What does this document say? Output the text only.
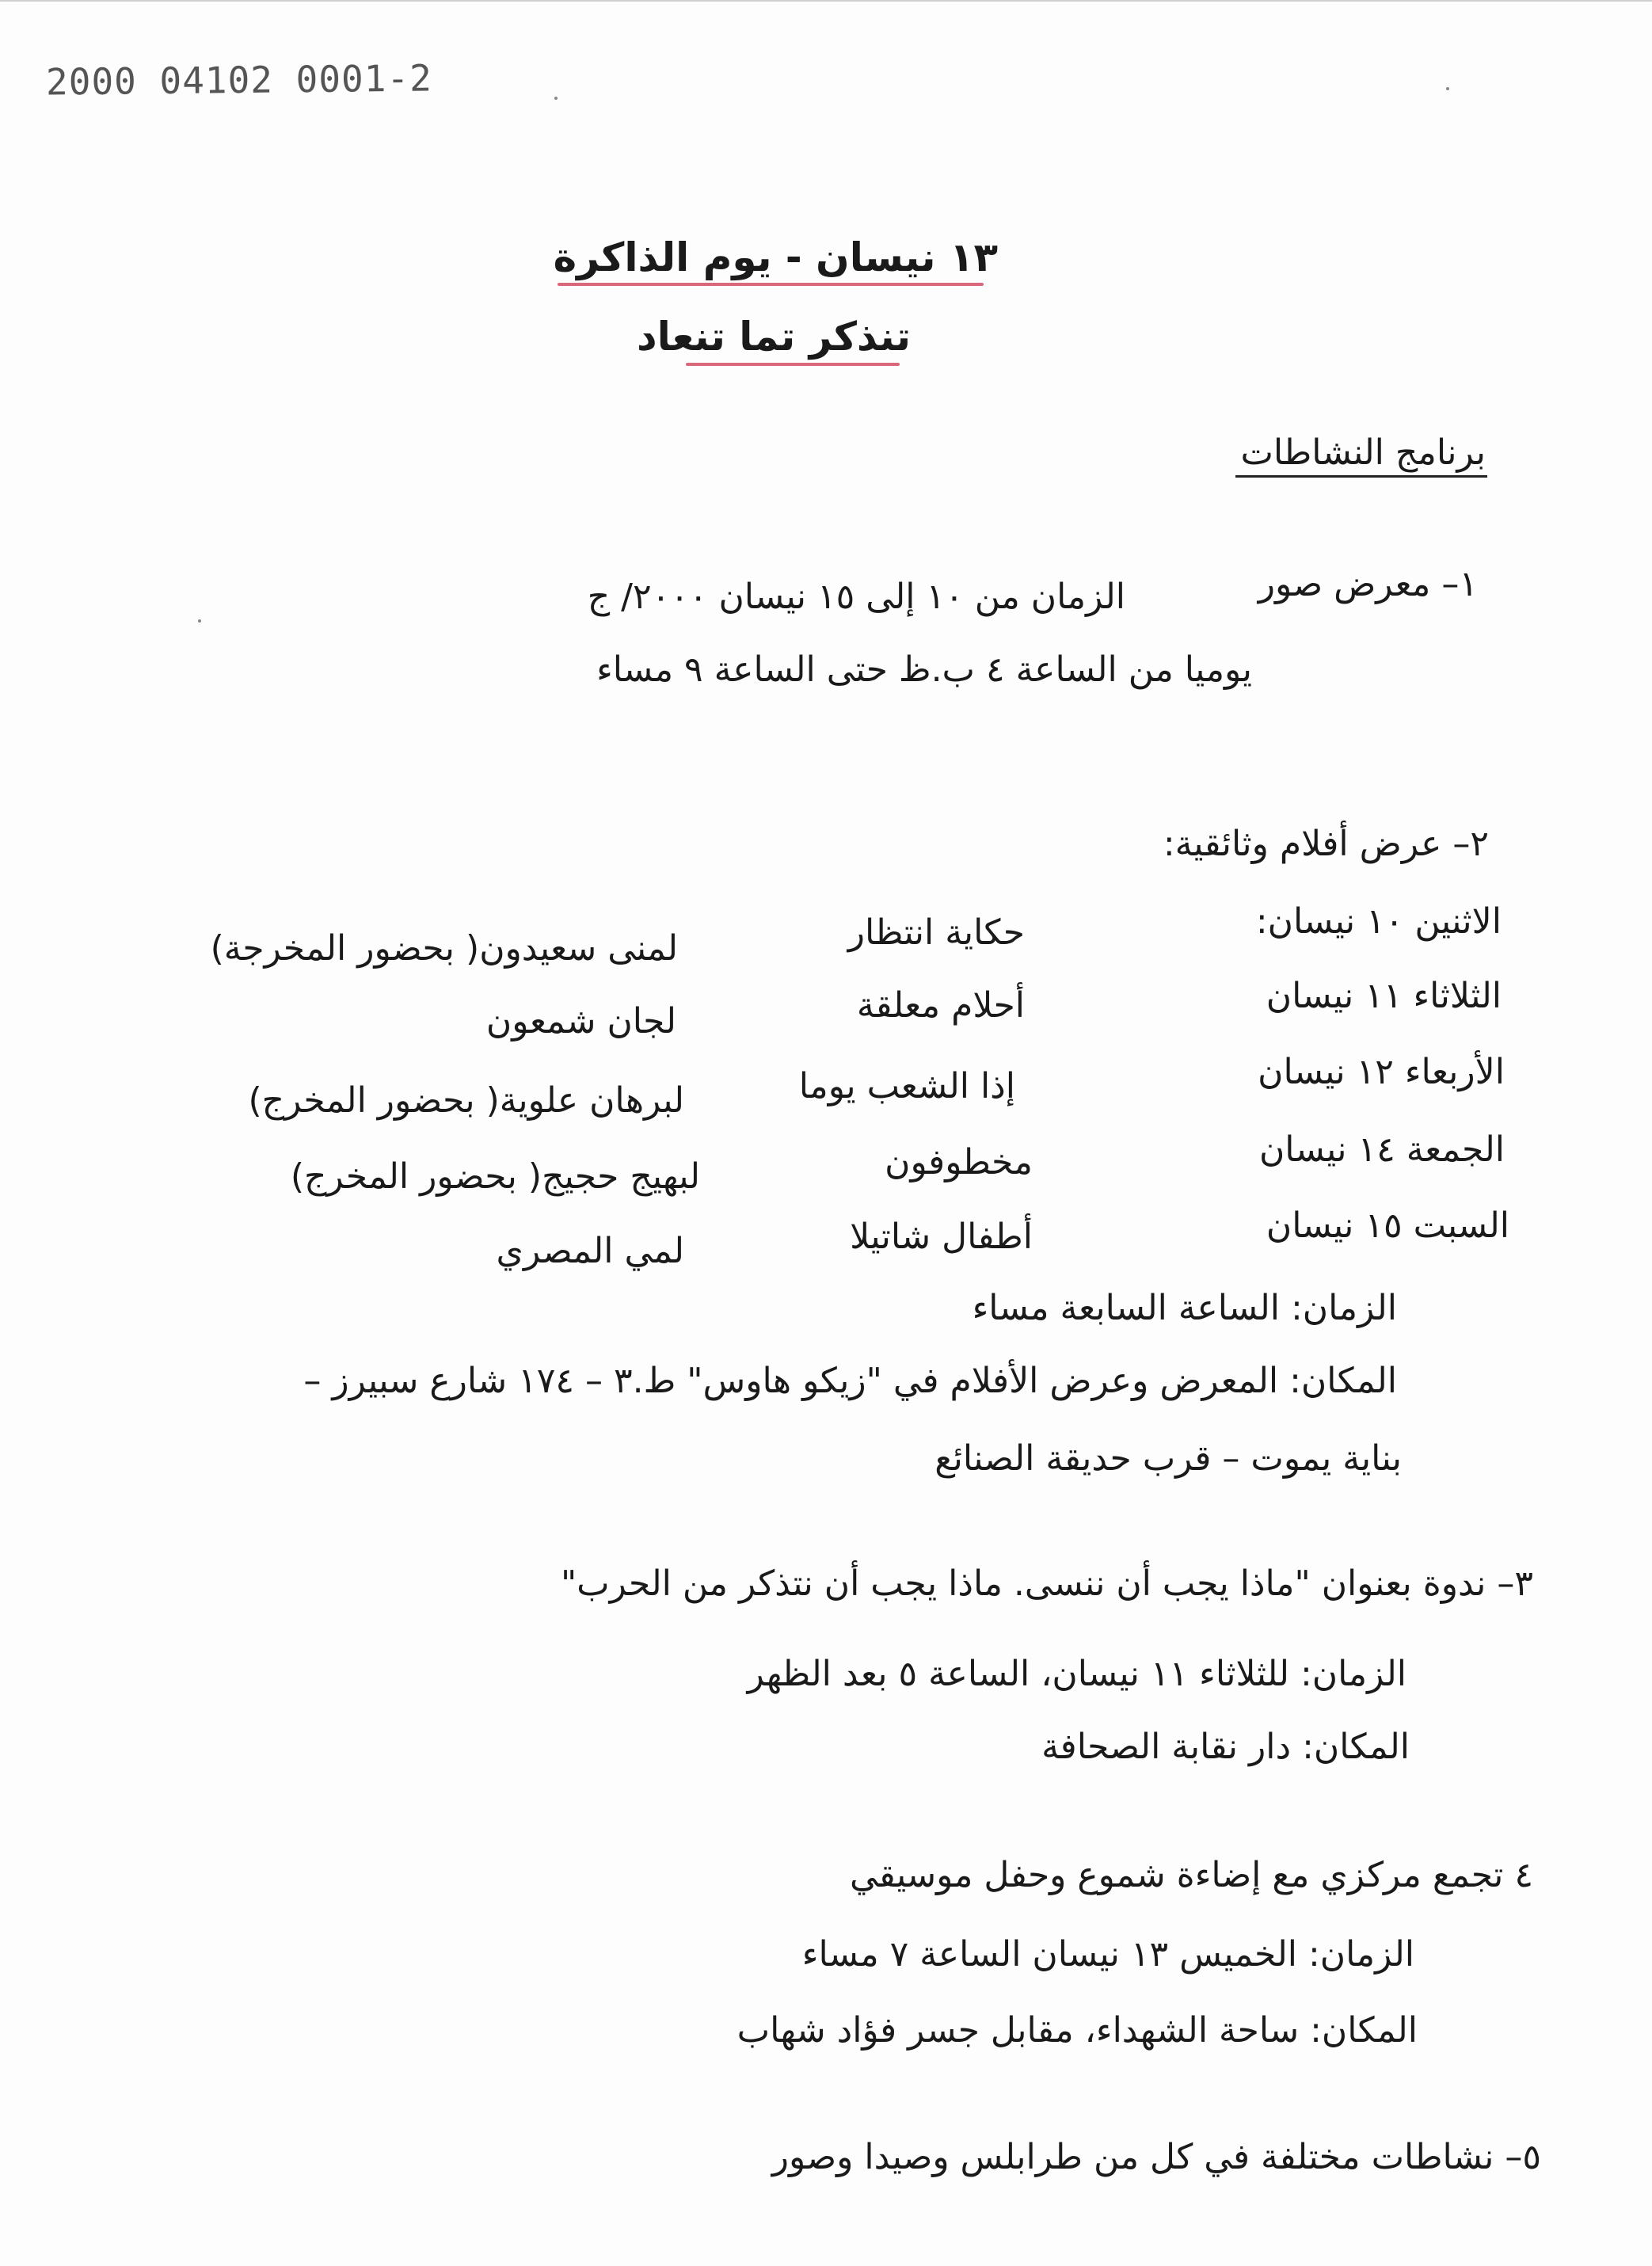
2000 04102 0001-2
١٣ نيسان - يوم الذاكرة
تنذكر تما تنعاد
برنامج النشاطات
١– معرض صور
الزمان من ١٠ إلى ١٥ نيسان ٢٠٠٠/ ج
يوميا من الساعة ٤ ب.ظ حتى الساعة ٩ مساء
٢– عرض أفلام وثائقية:
الاثنين ١٠ نيسان:
حكاية انتظار
لمنى سعيدون( بحضور المخرجة)
الثلاثاء ١١ نيسان
أحلام معلقة
لجان شمعون
الأربعاء ١٢ نيسان
إذا الشعب يوما
لبرهان علوية( بحضور المخرج)
الجمعة ١٤ نيسان
مخطوفون
لبهيج حجيج( بحضور المخرج)
السبت ١٥ نيسان
أطفال شاتيلا
لمي المصري
الزمان: الساعة السابعة مساء
المكان: المعرض وعرض الأفلام في "زيكو هاوس" ط.٣ – ١٧٤ شارع سبيرز –
بناية يموت – قرب حديقة الصنائع
٣– ندوة بعنوان "ماذا يجب أن ننسى. ماذا يجب أن نتذكر من الحرب"
الزمان: للثلاثاء ١١ نيسان، الساعة ٥ بعد الظهر
المكان: دار نقابة الصحافة
٤ تجمع مركزي مع إضاءة شموع وحفل موسيقي
الزمان: الخميس ١٣ نيسان الساعة ٧ مساء
المكان: ساحة الشهداء، مقابل جسر فؤاد شهاب
٥– نشاطات مختلفة في كل من طرابلس وصيدا وصور
